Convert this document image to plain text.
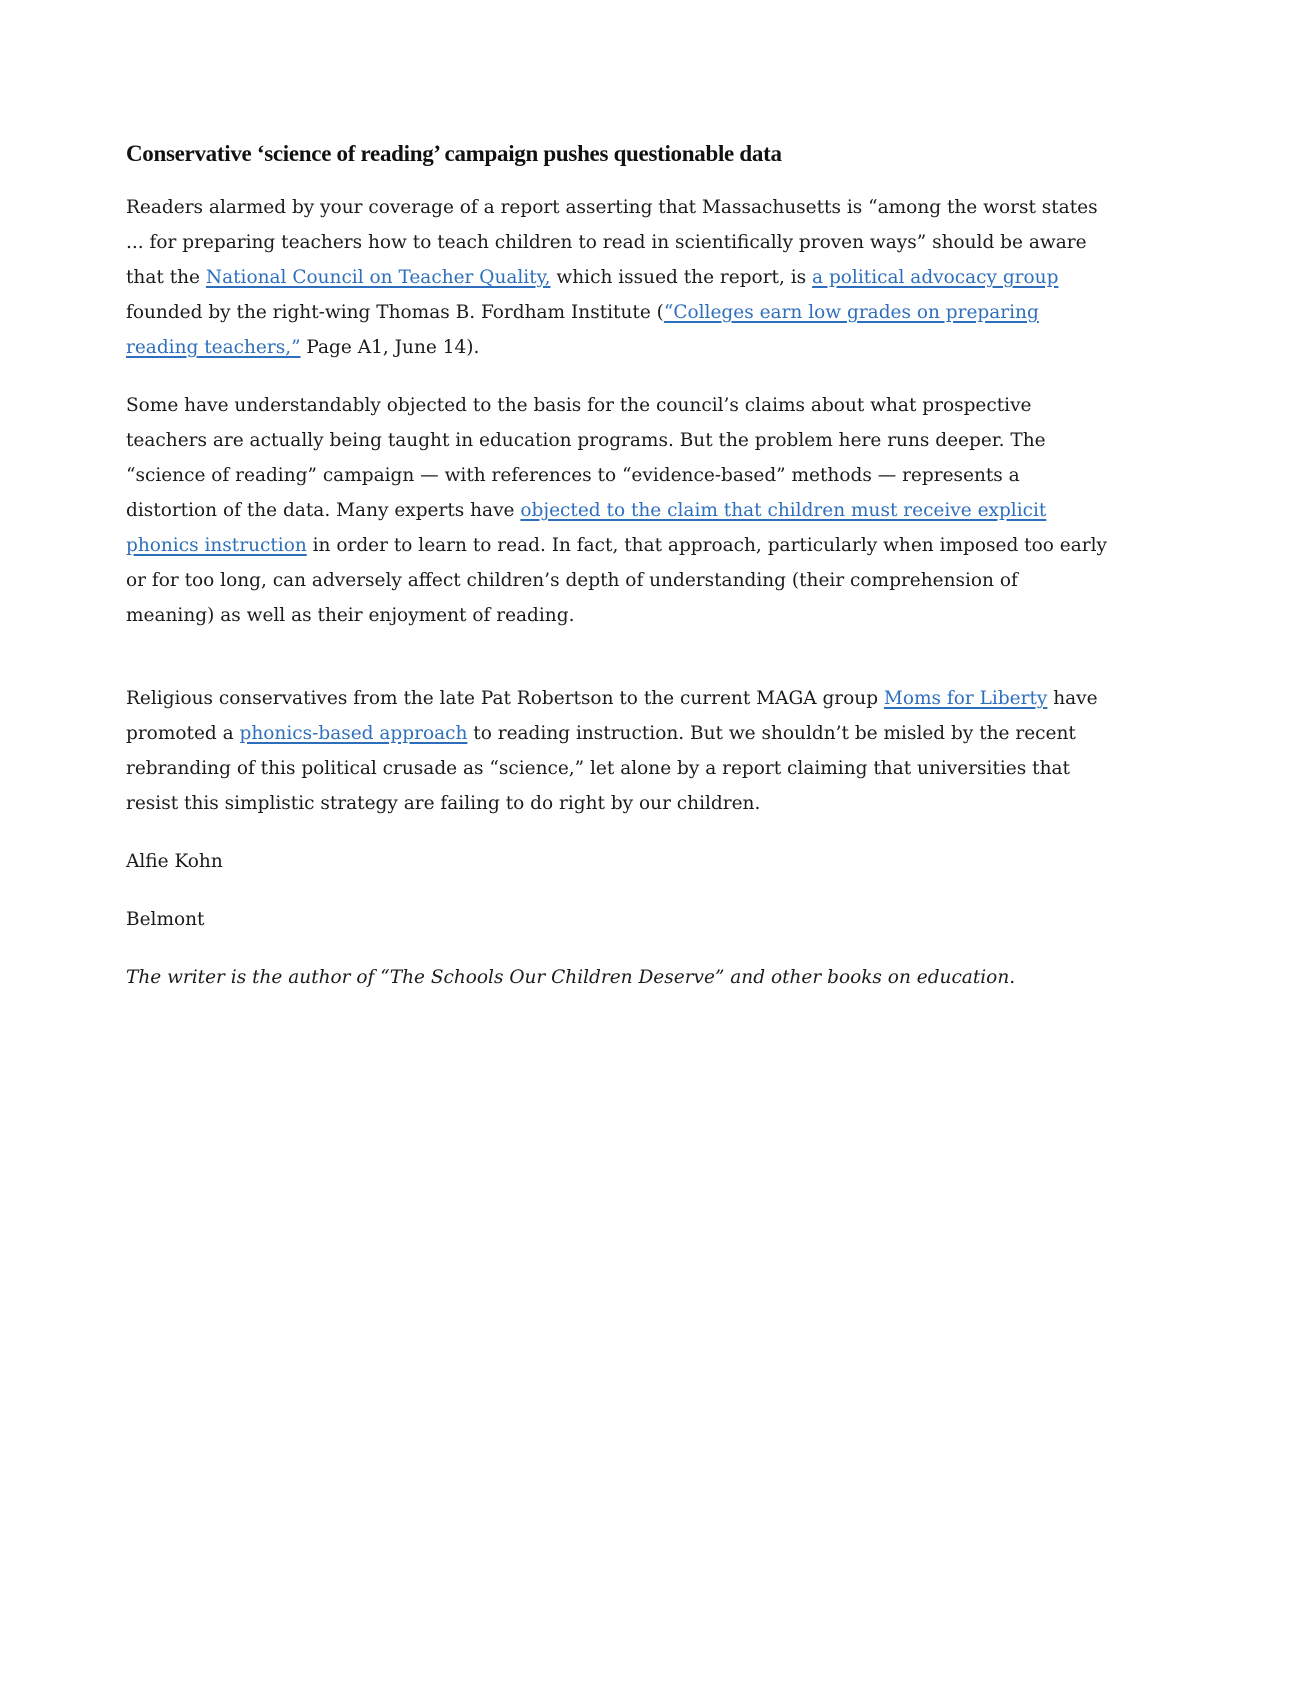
Conservative ‘science of reading’ campaign pushes questionable data

Readers alarmed by your coverage of a report asserting that Massachusetts is “among the worst states ... for preparing teachers how to teach children to read in scientifically proven ways” should be aware that the National Council on Teacher Quality, which issued the report, is a political advocacy group founded by the right-wing Thomas B. Fordham Institute (“Colleges earn low grades on preparing reading teachers,” Page A1, June 14).

Some have understandably objected to the basis for the council’s claims about what prospective teachers are actually being taught in education programs. But the problem here runs deeper. The “science of reading” campaign — with references to “evidence-based” methods — represents a distortion of the data. Many experts have objected to the claim that children must receive explicit phonics instruction in order to learn to read. In fact, that approach, particularly when imposed too early or for too long, can adversely affect children’s depth of understanding (their comprehension of meaning) as well as their enjoyment of reading.

Religious conservatives from the late Pat Robertson to the current MAGA group Moms for Liberty have promoted a phonics-based approach to reading instruction. But we shouldn’t be misled by the recent rebranding of this political crusade as “science,” let alone by a report claiming that universities that resist this simplistic strategy are failing to do right by our children.

Alfie Kohn

Belmont

The writer is the author of “The Schools Our Children Deserve” and other books on education.
